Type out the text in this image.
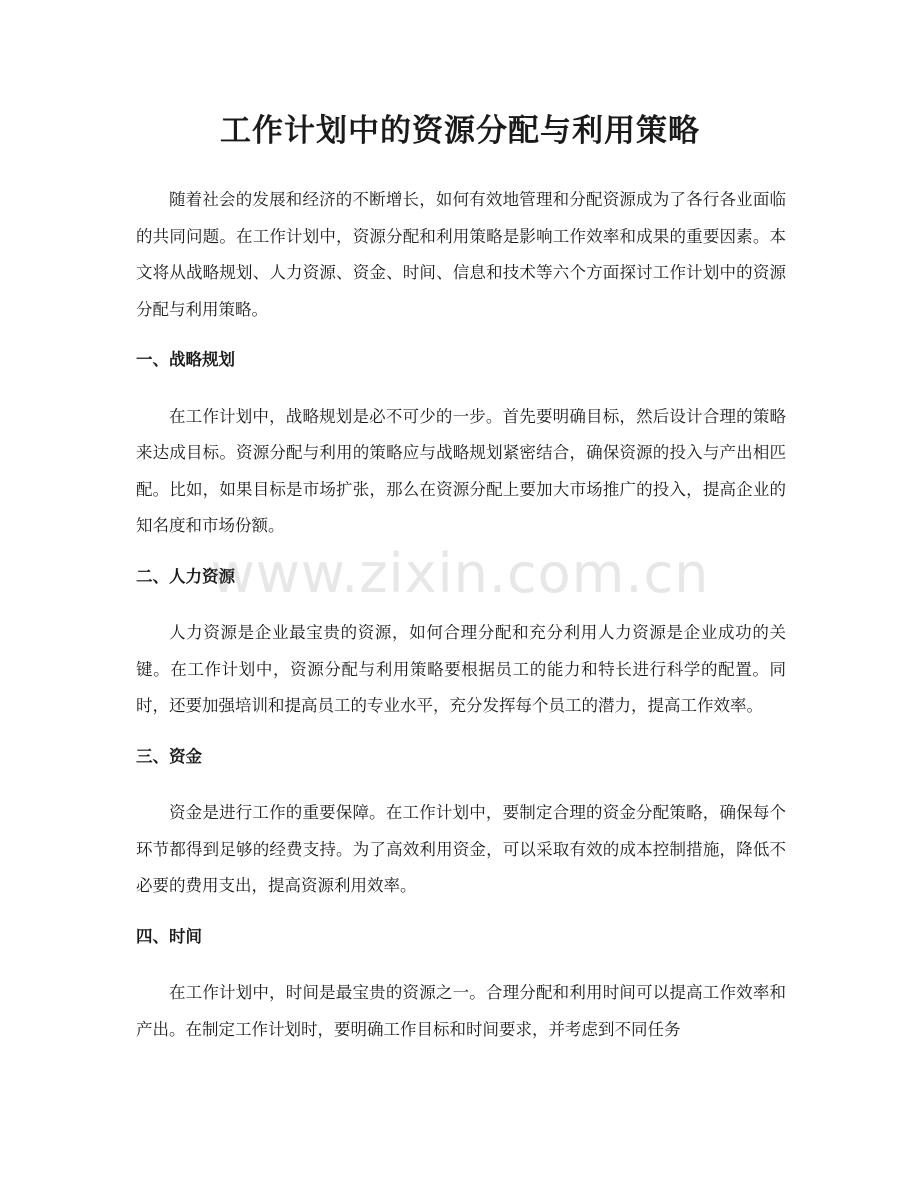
工作计划中的资源分配与利用策略

随着社会的发展和经济的不断增长，如何有效地管理和分配资源成为了各行各业面临的共同问题。在工作计划中，资源分配和利用策略是影响工作效率和成果的重要因素。本文将从战略规划、人力资源、资金、时间、信息和技术等六个方面探讨工作计划中的资源分配与利用策略。

一、战略规划

在工作计划中，战略规划是必不可少的一步。首先要明确目标，然后设计合理的策略来达成目标。资源分配与利用的策略应与战略规划紧密结合，确保资源的投入与产出相匹配。比如，如果目标是市场扩张，那么在资源分配上要加大市场推广的投入，提高企业的知名度和市场份额。

二、人力资源

人力资源是企业最宝贵的资源，如何合理分配和充分利用人力资源是企业成功的关键。在工作计划中，资源分配与利用策略要根据员工的能力和特长进行科学的配置。同时，还要加强培训和提高员工的专业水平，充分发挥每个员工的潜力，提高工作效率。

三、资金

资金是进行工作的重要保障。在工作计划中，要制定合理的资金分配策略，确保每个环节都得到足够的经费支持。为了高效利用资金，可以采取有效的成本控制措施，降低不必要的费用支出，提高资源利用效率。

四、时间

在工作计划中，时间是最宝贵的资源之一。合理分配和利用时间可以提高工作效率和产出。在制定工作计划时，要明确工作目标和时间要求，并考虑到不同任务

www.zixin.com.cn
